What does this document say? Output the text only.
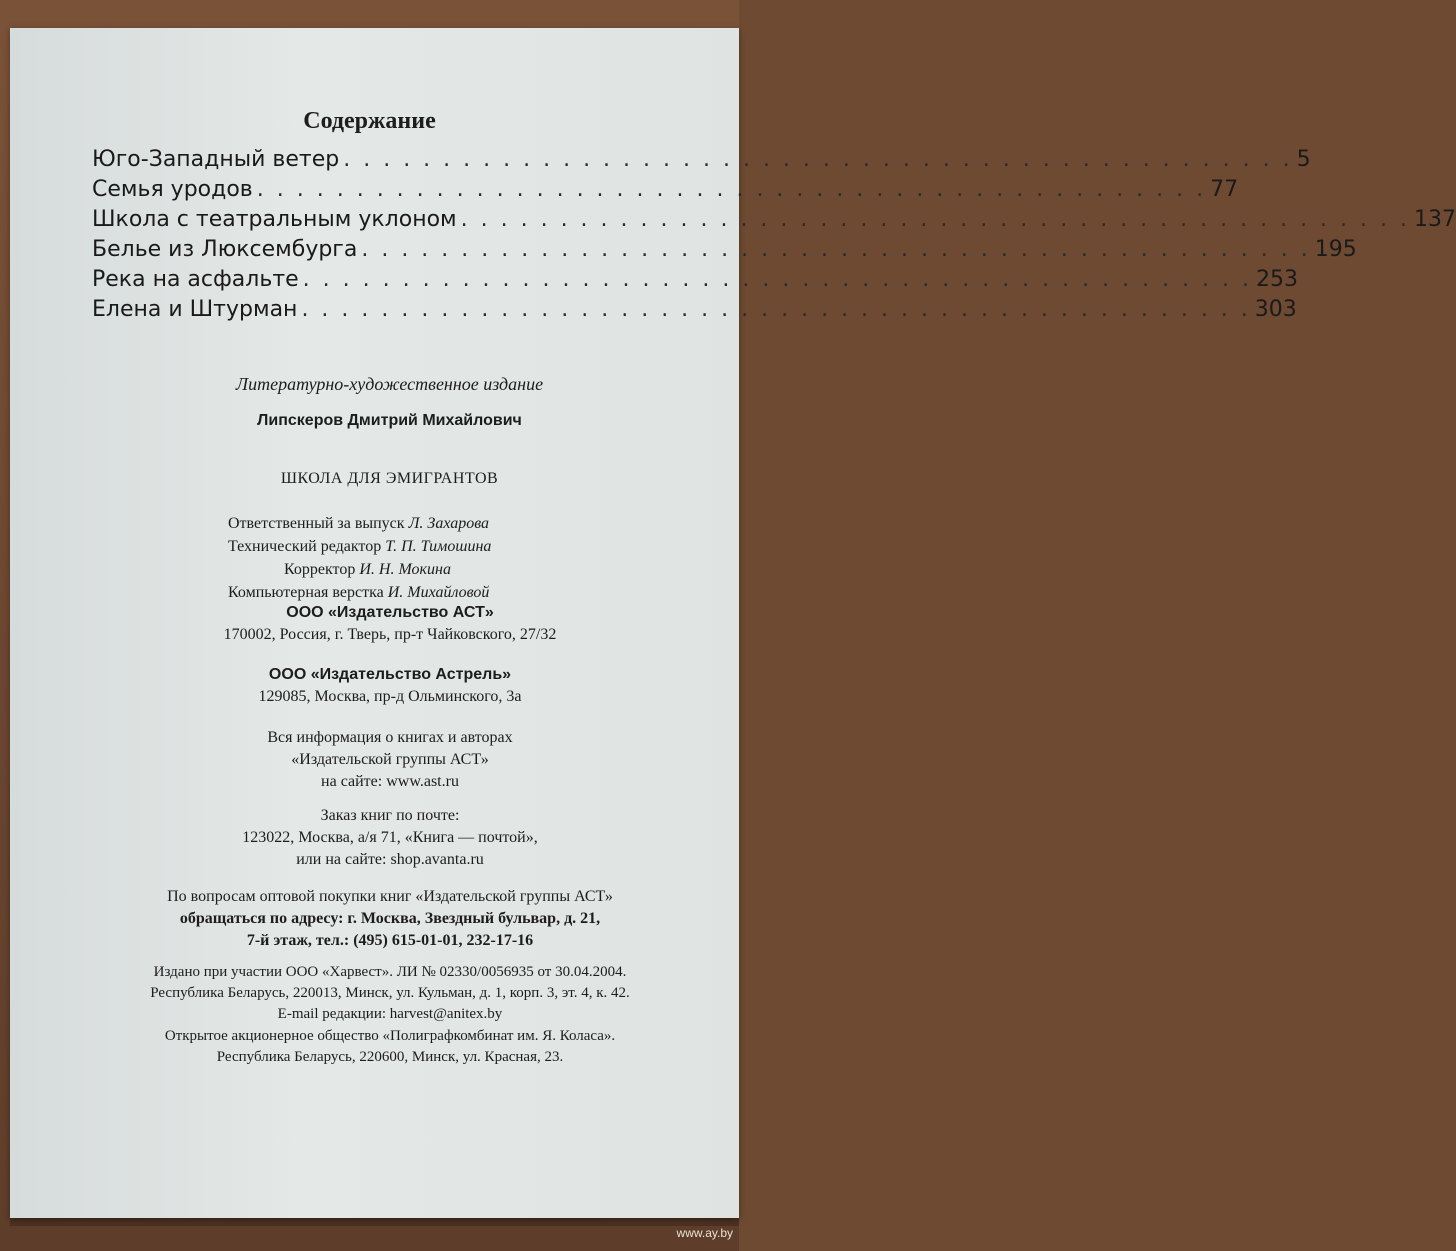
www.ay.by
Содержание
Юго-Западный ветер . . . . . . . . . . . . . . . . . . . . . . . . . . . . . . . . . . . . . . . . . . . . . . . . 5
Семья уродов . . . . . . . . . . . . . . . . . . . . . . . . . . . . . . . . . . . . . . . . . . . . . . . . 77
Школа с театральным уклоном . . . . . . . . . . . . . . . . . . . . . . . . . . . . . . . . . . . . . . . . . . . . . . . . 137
Белье из Люксембурга . . . . . . . . . . . . . . . . . . . . . . . . . . . . . . . . . . . . . . . . . . . . . . . . 195
Река на асфальте . . . . . . . . . . . . . . . . . . . . . . . . . . . . . . . . . . . . . . . . . . . . . . . . 253
Елена и Штурман . . . . . . . . . . . . . . . . . . . . . . . . . . . . . . . . . . . . . . . . . . . . . . . . 303
Литературно-художественное издание
Липскеров Дмитрий Михайлович
ШКОЛА ДЛЯ ЭМИГРАНТОВ
Ответственный за выпуск Л. Захарова
Технический редактор Т. П. Тимошина
Корректор И. Н. Мокина
Компьютерная верстка И. Михайловой
ООО «Издательство АСТ»
170002, Россия, г. Тверь, пр-т Чайковского, 27/32
ООО «Издательство Астрель»
129085, Москва, пр-д Ольминского, 3а
Вся информация о книгах и авторах
«Издательской группы АСТ»
на сайте: www.ast.ru
Заказ книг по почте:
123022, Москва, а/я 71, «Книга — почтой»,
или на сайте: shop.avanta.ru
По вопросам оптовой покупки книг «Издательской группы АСТ»
обращаться по адресу: г. Москва, Звездный бульвар, д. 21,
7-й этаж, тел.: (495) 615-01-01, 232-17-16
Издано при участии ООО «Харвест». ЛИ № 02330/0056935 от 30.04.2004.
Республика Беларусь, 220013, Минск, ул. Кульман, д. 1, корп. 3, эт. 4, к. 42.
E-mail редакции: harvest@anitex.by
Открытое акционерное общество «Полиграфкомбинат им. Я. Коласа».
Республика Беларусь, 220600, Минск, ул. Красная, 23.
